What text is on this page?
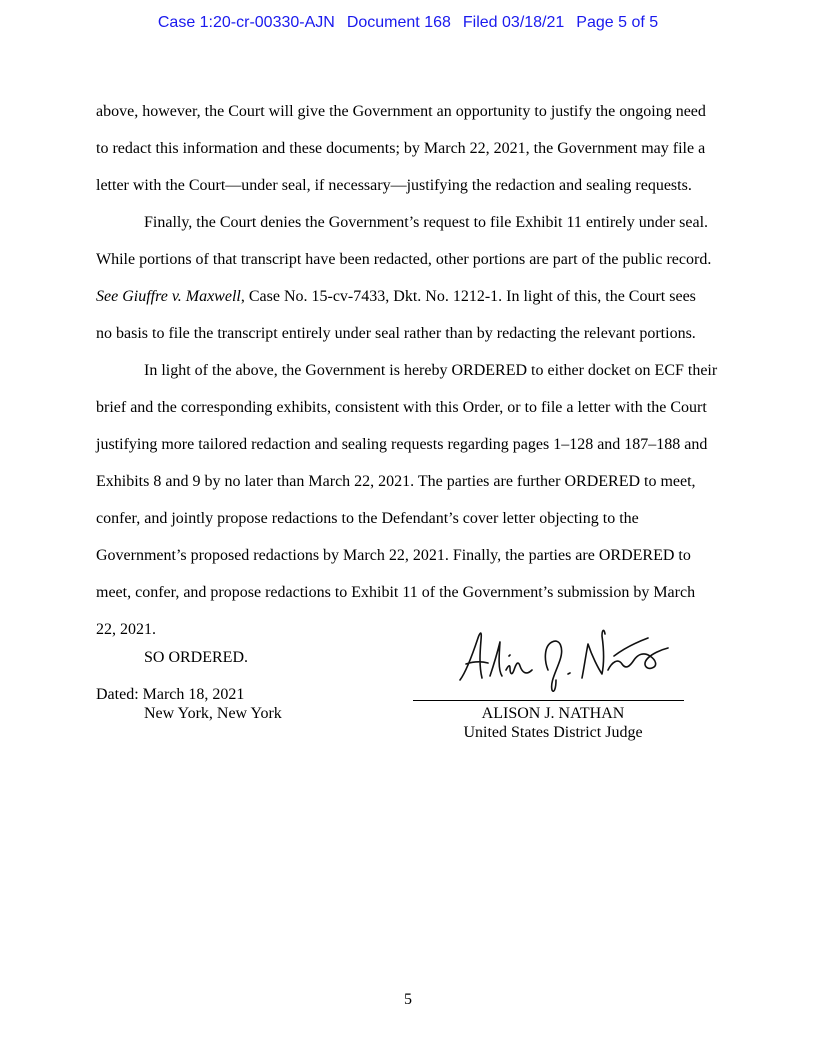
Case 1:20-cr-00330-AJN Document 168 Filed 03/18/21 Page 5 of 5

above, however, the Court will give the Government an opportunity to justify the ongoing need
to redact this information and these documents; by March 22, 2021, the Government may file a
letter with the Court—under seal, if necessary—justifying the redaction and sealing requests.

Finally, the Court denies the Government’s request to file Exhibit 11 entirely under seal.
While portions of that transcript have been redacted, other portions are part of the public record.
See Giuffre v. Maxwell, Case No. 15-cv-7433, Dkt. No. 1212-1. In light of this, the Court sees
no basis to file the transcript entirely under seal rather than by redacting the relevant portions.

In light of the above, the Government is hereby ORDERED to either docket on ECF their
brief and the corresponding exhibits, consistent with this Order, or to file a letter with the Court
justifying more tailored redaction and sealing requests regarding pages 1–128 and 187–188 and
Exhibits 8 and 9 by no later than March 22, 2021. The parties are further ORDERED to meet,
confer, and jointly propose redactions to the Defendant’s cover letter objecting to the
Government’s proposed redactions by March 22, 2021. Finally, the parties are ORDERED to
meet, confer, and propose redactions to Exhibit 11 of the Government’s submission by March
22, 2021.

SO ORDERED.
Dated: March 18, 2021
New York, New York	ALISON J. NATHAN
United States District Judge
5
